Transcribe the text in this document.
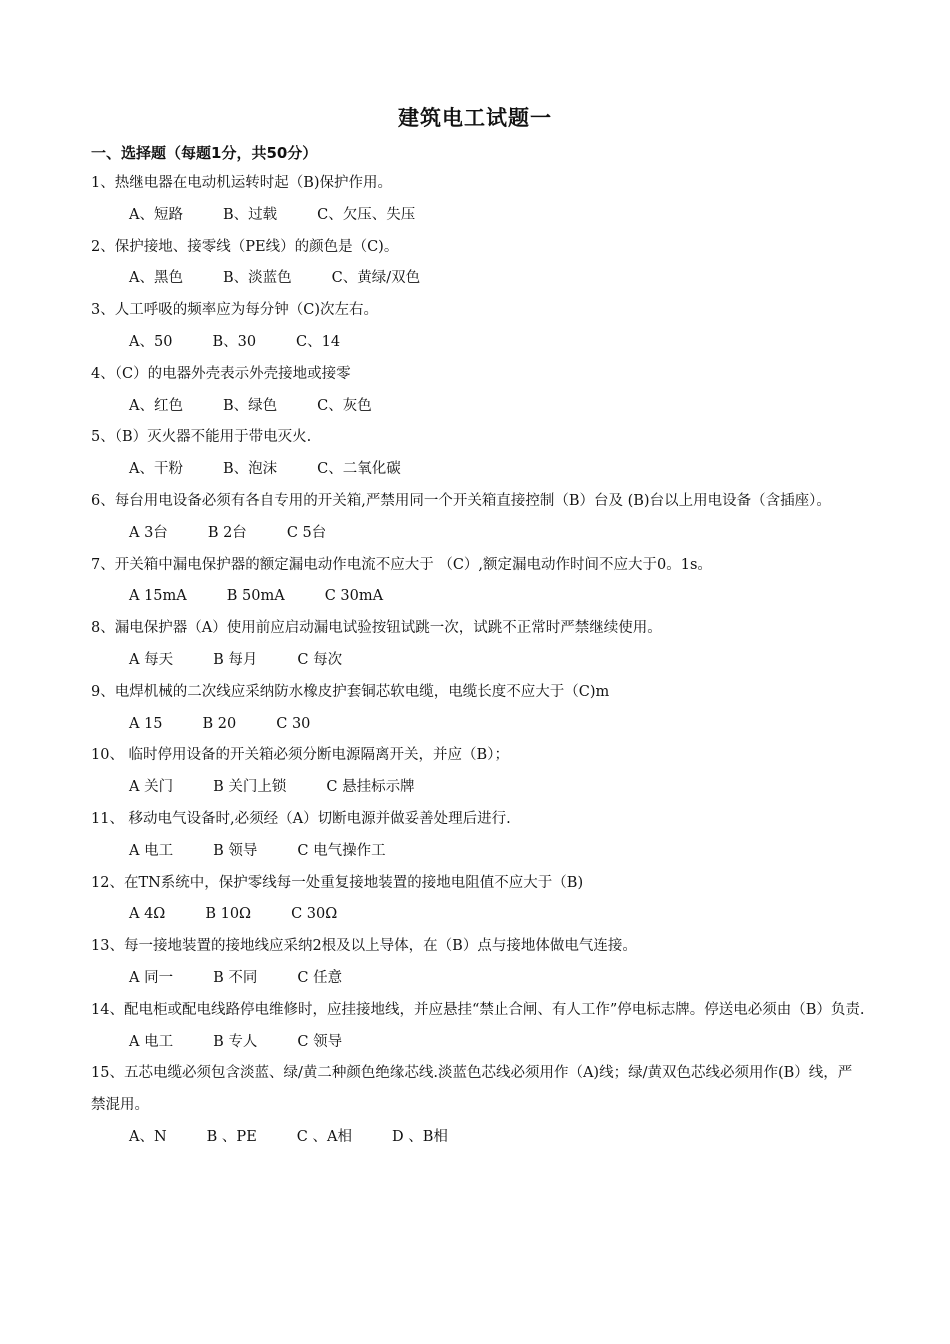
建筑电工试题一
一、选择题（每题1分，共50分）

1、热继电器在电动机运转时起（B)保护作用。

A、短路	B、过载	C、欠压、失压

2、保护接地、接零线（PE线）的颜色是（C)。

A、黑色	B、淡蓝色	C、黄绿/双色

3、人工呼吸的频率应为每分钟（C)次左右。

A、50	B、30	C、14

4、（C）的电器外壳表示外壳接地或接零

A、红色	B、绿色	C、灰色

5、（B）灭火器不能用于带电灭火.

A、干粉	B、泡沫	C、二氧化碳

6、每台用电设备必须有各自专用的开关箱,严禁用同一个开关箱直接控制（B）台及 (B)台以上用电设备（含插座）。

A 3台	B 2台	C 5台

7、开关箱中漏电保护器的额定漏电动作电流不应大于 （C）,额定漏电动作时间不应大于0。1s。

A 15mA	B 50mA	C 30mA

8、漏电保护器（A）使用前应启动漏电试验按钮试跳一次，试跳不正常时严禁继续使用。

A 每天	B 每月	C 每次

9、电焊机械的二次线应采纳防水橡皮护套铜芯软电缆，电缆长度不应大于（C)m

A 15	B 20	C 30

10、 临时停用设备的开关箱必须分断电源隔离开关，并应（B）；

A 关门	B 关门上锁	C 悬挂标示牌

11、 移动电气设备时,必须经（A）切断电源并做妥善处理后进行.

A 电工	B 领导	C 电气操作工

12、在TN系统中，保护零线每一处重复接地装置的接地电阻值不应大于（B)

A 4Ω	B 10Ω	C 30Ω

13、每一接地装置的接地线应采纳2根及以上导体，在（B）点与接地体做电气连接。

A 同一	B 不同	C 任意

14、配电柜或配电线路停电维修时，应挂接地线，并应悬挂“禁止合闸、有人工作”停电标志牌。停送电必须由（B）负责.

A 电工	B 专人	C 领导

15、五芯电缆必须包含淡蓝、绿/黄二种颜色绝缘芯线.淡蓝色芯线必须用作（A)线；绿/黄双色芯线必须用作(B）线，严禁混用。

A、N	B 、PE	C 、A相	D 、B相
